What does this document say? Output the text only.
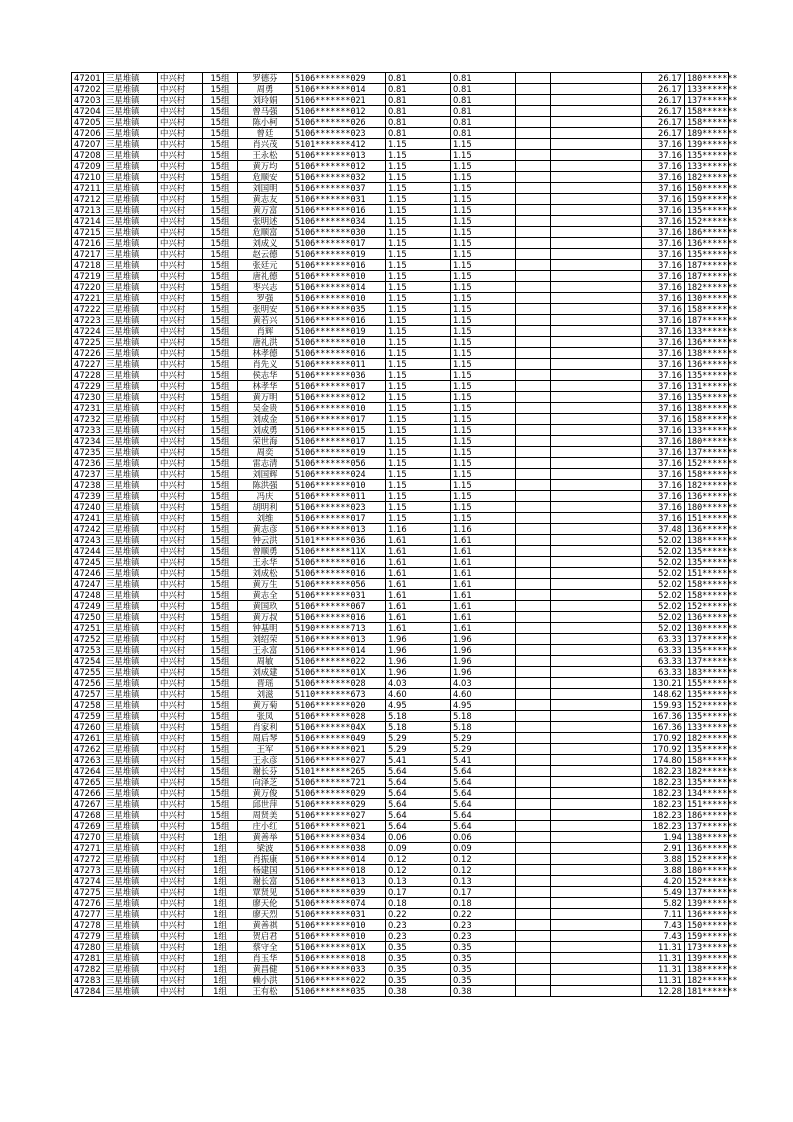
47201	三星堆镇	中兴村	15组	罗德芬	5106*******029	0.81	0.81			26.17	180*******
47202	三星堆镇	中兴村	15组	周勇	5106*******014	0.81	0.81			26.17	133*******
47203	三星堆镇	中兴村	15组	刘玲娟	5106*******021	0.81	0.81			26.17	137*******
47204	三星堆镇	中兴村	15组	曾马强	5106*******012	0.81	0.81			26.17	158*******
47205	三星堆镇	中兴村	15组	陈小柯	5106*******026	0.81	0.81			26.17	158*******
47206	三星堆镇	中兴村	15组	曾廷	5106*******023	0.81	0.81			26.17	189*******
47207	三星堆镇	中兴村	15组	肖兴茂	5101*******412	1.15	1.15			37.16	139*******
47208	三星堆镇	中兴村	15组	王永松	5106*******013	1.15	1.15			37.16	135*******
47209	三星堆镇	中兴村	15组	黄万均	5106*******012	1.15	1.15			37.16	133*******
47210	三星堆镇	中兴村	15组	危顺安	5106*******032	1.15	1.15			37.16	182*******
47211	三星堆镇	中兴村	15组	刘国明	5106*******037	1.15	1.15			37.16	150*******
47212	三星堆镇	中兴村	15组	黄志友	5106*******031	1.15	1.15			37.16	159*******
47213	三星堆镇	中兴村	15组	黄万富	5106*******016	1.15	1.15			37.16	135*******
47214	三星堆镇	中兴村	15组	张明述	5106*******034	1.15	1.15			37.16	152*******
47215	三星堆镇	中兴村	15组	危顺富	5106*******030	1.15	1.15			37.16	186*******
47216	三星堆镇	中兴村	15组	刘成义	5106*******017	1.15	1.15			37.16	136*******
47217	三星堆镇	中兴村	15组	赵云德	5106*******019	1.15	1.15			37.16	135*******
47218	三星堆镇	中兴村	15组	张廷元	5106*******016	1.15	1.15			37.16	187*******
47219	三星堆镇	中兴村	15组	唐礼德	5106*******010	1.15	1.15			37.16	187*******
47220	三星堆镇	中兴村	15组	枣兴志	5106*******014	1.15	1.15			37.16	182*******
47221	三星堆镇	中兴村	15组	罗强	5106*******010	1.15	1.15			37.16	130*******
47222	三星堆镇	中兴村	15组	张明安	5106*******035	1.15	1.15			37.16	158*******
47223	三星堆镇	中兴村	15组	黄若兴	5106*******016	1.15	1.15			37.16	187*******
47224	三星堆镇	中兴村	15组	肖辉	5106*******019	1.15	1.15			37.16	133*******
47225	三星堆镇	中兴村	15组	唐礼洪	5106*******010	1.15	1.15			37.16	136*******
47226	三星堆镇	中兴村	15组	林孝德	5106*******016	1.15	1.15			37.16	138*******
47227	三星堆镇	中兴村	15组	肖先义	5106*******011	1.15	1.15			37.16	136*******
47228	三星堆镇	中兴村	15组	侯志华	5106*******036	1.15	1.15			37.16	135*******
47229	三星堆镇	中兴村	15组	林孝华	5106*******017	1.15	1.15			37.16	131*******
47230	三星堆镇	中兴村	15组	黄万明	5106*******012	1.15	1.15			37.16	135*******
47231	三星堆镇	中兴村	15组	吴金贵	5106*******010	1.15	1.15			37.16	138*******
47232	三星堆镇	中兴村	15组	刘成金	5106*******017	1.15	1.15			37.16	158*******
47233	三星堆镇	中兴村	15组	刘成勇	5106*******015	1.15	1.15			37.16	133*******
47234	三星堆镇	中兴村	15组	荣世海	5106*******017	1.15	1.15			37.16	180*******
47235	三星堆镇	中兴村	15组	周奕	5106*******019	1.15	1.15			37.16	137*******
47236	三星堆镇	中兴村	15组	雷志清	5106*******056	1.15	1.15			37.16	152*******
47237	三星堆镇	中兴村	15组	刘国辉	5106*******024	1.15	1.15			37.16	158*******
47238	三星堆镇	中兴村	15组	陈洪强	5106*******010	1.15	1.15			37.16	182*******
47239	三星堆镇	中兴村	15组	冯庆	5106*******011	1.15	1.15			37.16	136*******
47240	三星堆镇	中兴村	15组	胡明利	5106*******023	1.15	1.15			37.16	180*******
47241	三星堆镇	中兴村	15组	刘维	5106*******017	1.15	1.15			37.16	151*******
47242	三星堆镇	中兴村	15组	黄志彦	5106*******013	1.16	1.16			37.48	136*******
47243	三星堆镇	中兴村	15组	钟云洪	5101*******036	1.61	1.61			52.02	138*******
47244	三星堆镇	中兴村	15组	曾顺勇	5106*******11X	1.61	1.61			52.02	135*******
47245	三星堆镇	中兴村	15组	王永华	5106*******016	1.61	1.61			52.02	135*******
47246	三星堆镇	中兴村	15组	刘成松	5106*******016	1.61	1.61			52.02	151*******
47247	三星堆镇	中兴村	15组	黄万生	5106*******056	1.61	1.61			52.02	158*******
47248	三星堆镇	中兴村	15组	黄志全	5106*******031	1.61	1.61			52.02	158*******
47249	三星堆镇	中兴村	15组	黄国玖	5106*******067	1.61	1.61			52.02	152*******
47250	三星堆镇	中兴村	15组	黄万叔	5106*******016	1.61	1.61			52.02	136*******
47251	三星堆镇	中兴村	15组	钟基明	5190*******713	1.61	1.61			52.02	130*******
47252	三星堆镇	中兴村	15组	刘绍荣	5106*******013	1.96	1.96			63.33	137*******
47253	三星堆镇	中兴村	15组	王永富	5106*******014	1.96	1.96			63.33	135*******
47254	三星堆镇	中兴村	15组	周敏	5106*******022	1.96	1.96			63.33	137*******
47255	三星堆镇	中兴村	15组	刘成建	5106*******01X	1.96	1.96			63.33	183*******
47256	三星堆镇	中兴村	15组	晋瑶	5106*******028	4.03	4.03			130.21	155*******
47257	三星堆镇	中兴村	15组	刘滋	5110*******673	4.60	4.60			148.62	135*******
47258	三星堆镇	中兴村	15组	黄万菊	5106*******020	4.95	4.95			159.93	152*******
47259	三星堆镇	中兴村	15组	张凤	5106*******028	5.18	5.18			167.36	135*******
47260	三星堆镇	中兴村	15组	肖家利	5106*******04X	5.18	5.18			167.36	133*******
47261	三星堆镇	中兴村	15组	周后琴	5106*******049	5.29	5.29			170.92	182*******
47262	三星堆镇	中兴村	15组	王军	5106*******021	5.29	5.29			170.92	135*******
47263	三星堆镇	中兴村	15组	王永彦	5106*******027	5.41	5.41			174.80	158*******
47264	三星堆镇	中兴村	15组	谢长芬	5101*******265	5.64	5.64			182.23	182*******
47265	三星堆镇	中兴村	15组	向泽芝	5106*******721	5.64	5.64			182.23	135*******
47266	三星堆镇	中兴村	15组	黄万俊	5106*******029	5.64	5.64			182.23	134*******
47267	三星堆镇	中兴村	15组	邱世萍	5106*******029	5.64	5.64			182.23	151*******
47268	三星堆镇	中兴村	15组	周贤美	5106*******027	5.64	5.64			182.23	186*******
47269	三星堆镇	中兴村	15组	庄小红	5106*******021	5.64	5.64			182.23	137*******
47270	三星堆镇	中兴村	1组	黄善举	5106*******034	0.06	0.06			1.94	138*******
47271	三星堆镇	中兴村	1组	梁波	5106*******038	0.09	0.09			2.91	136*******
47272	三星堆镇	中兴村	1组	肖振康	5106*******014	0.12	0.12			3.88	152*******
47273	三星堆镇	中兴村	1组	杨建国	5106*******018	0.12	0.12			3.88	180*******
47274	三星堆镇	中兴村	1组	谢长富	5106*******013	0.13	0.13			4.20	152*******
47275	三星堆镇	中兴村	1组	覃贤见	5106*******039	0.17	0.17			5.49	137*******
47276	三星堆镇	中兴村	1组	廖天伦	5106*******074	0.18	0.18			5.82	139*******
47277	三星堆镇	中兴村	1组	廖天烈	5106*******031	0.22	0.22			7.11	136*******
47278	三星堆镇	中兴村	1组	黄善祺	5106*******010	0.23	0.23			7.43	150*******
47279	三星堆镇	中兴村	1组	贺启君	5106*******010	0.23	0.23			7.43	159*******
47280	三星堆镇	中兴村	1组	蔡守全	5106*******01X	0.35	0.35			11.31	173*******
47281	三星堆镇	中兴村	1组	肖玉华	5106*******018	0.35	0.35			11.31	139*******
47282	三星堆镇	中兴村	1组	黄昌健	5106*******033	0.35	0.35			11.31	138*******
47283	三星堆镇	中兴村	1组	赖小洪	5106*******022	0.35	0.35			11.31	182*******
47284	三星堆镇	中兴村	1组	王有松	5106*******035	0.38	0.38			12.28	181*******
